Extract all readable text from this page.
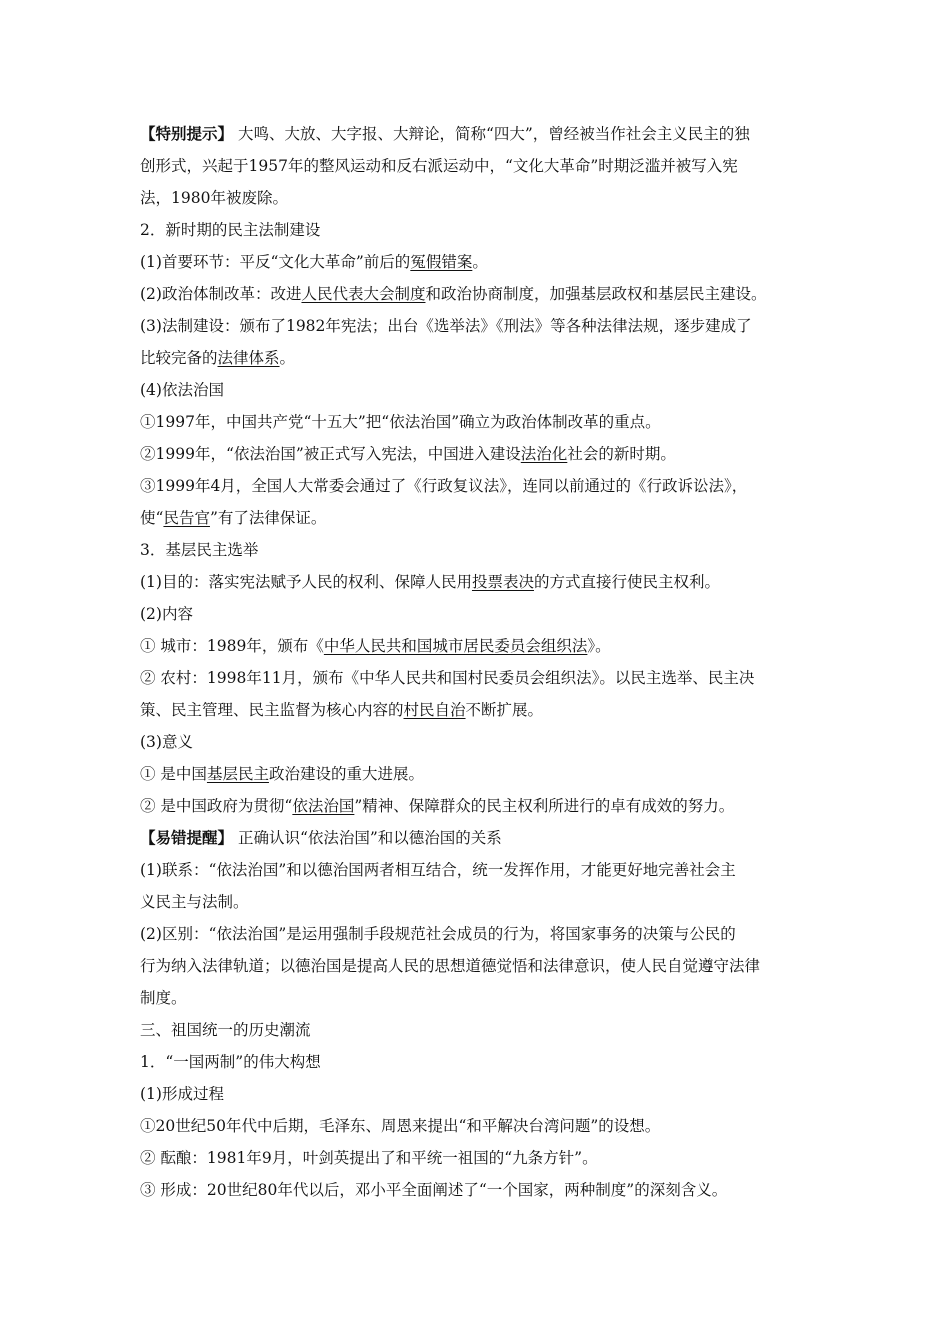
【特别提示】 大鸣、大放、大字报、大辩论，简称“四大”，曾经被当作社会主义民主的独
创形式，兴起于1957年的整风运动和反右派运动中，“文化大革命”时期泛滥并被写入宪
法，1980年被废除。
2．新时期的民主法制建设
(1)首要环节：平反“文化大革命”前后的冤假错案。
(2)政治体制改革：改进人民代表大会制度和政治协商制度，加强基层政权和基层民主建设。
(3)法制建设：颁布了1982年宪法；出台《选举法》《刑法》等各种法律法规，逐步建成了
比较完备的法律体系。
(4)依法治国
①1997年，中国共产党“十五大”把“依法治国”确立为政治体制改革的重点。
②1999年，“依法治国”被正式写入宪法，中国进入建设法治化社会的新时期。
③1999年4月，全国人大常委会通过了《行政复议法》，连同以前通过的《行政诉讼法》，
使“民告官”有了法律保证。
3．基层民主选举
(1)目的：落实宪法赋予人民的权利、保障人民用投票表决的方式直接行使民主权利。
(2)内容
① 城市：1989年，颁布《中华人民共和国城市居民委员会组织法》。
② 农村：1998年11月，颁布《中华人民共和国村民委员会组织法》。以民主选举、民主决
策、民主管理、民主监督为核心内容的村民自治不断扩展。
(3)意义
① 是中国基层民主政治建设的重大进展。
② 是中国政府为贯彻“依法治国”精神、保障群众的民主权利所进行的卓有成效的努力。
【易错提醒】 正确认识“依法治国”和以德治国的关系
(1)联系：“依法治国”和以德治国两者相互结合，统一发挥作用，才能更好地完善社会主
义民主与法制。
(2)区别：“依法治国”是运用强制手段规范社会成员的行为，将国家事务的决策与公民的
行为纳入法律轨道；以德治国是提高人民的思想道德觉悟和法律意识，使人民自觉遵守法律
制度。
三、祖国统一的历史潮流
1．“一国两制”的伟大构想
(1)形成过程
①20世纪50年代中后期，毛泽东、周恩来提出“和平解决台湾问题”的设想。
② 酝酿：1981年9月，叶剑英提出了和平统一祖国的“九条方针”。
③ 形成：20世纪80年代以后，邓小平全面阐述了“一个国家，两种制度”的深刻含义。
